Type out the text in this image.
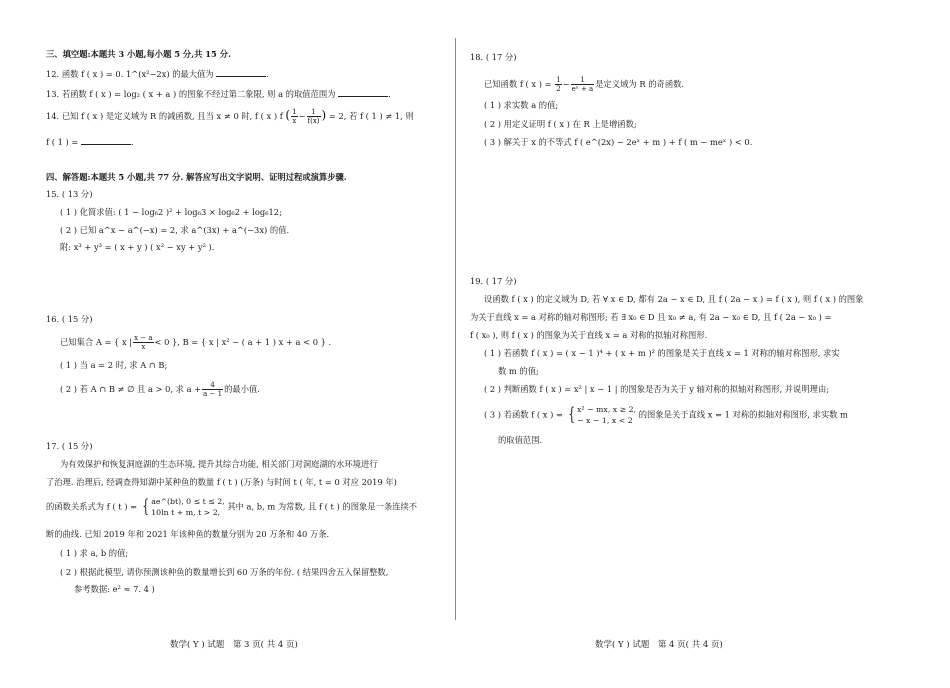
三、填空题:本题共 3 小题,每小题 5 分,共 15 分.
12. 函数 f ( x ) = 0. 1^(x²−2x) 的最大值为	.
13. 若函数 f ( x ) = log₂ ( x + a ) 的图象不经过第二象限, 则 a 的取值范围为	.
14. 已知 f ( x ) 是定义域为 R 的减函数, 且当 x ≠ 0 时, f ( x ) f ( $\frac{1}{x} - \frac{1}{f(x)}$ ) = 2, 若 f ( 1 ) ≠ 1, 则
f ( 1 ) =	.
四、解答题:本题共 5 小题,共 77 分. 解答应写出文字说明、证明过程或演算步骤.
15. ( 13 分)
( 1 ) 化简求值: ( 1 − log₆2 )² + log₆3 × log₆2 + log₆12;
( 2 ) 已知 a^x − a^(−x) = 2, 求 a^(3x) + a^(−3x) 的值.
附: x³ + y³ = ( x + y ) ( x² − xy + y² ).
16. ( 15 分)
已知集合 A = { x | $\frac{x - a}{x} < 0$ }, B = { x | x² − ( a + 1 ) x + a < 0 } .
( 1 ) 当 a = 2 时, 求 A ∩ B;
( 2 ) 若 A ∩ B ≠ ∅ 且 a > 0, 求 $a + \frac{4}{a - 1}$ 的最小值.
17. ( 15 分)
为有效保护和恢复洞庭湖的生态环境, 提升其综合功能, 相关部门对洞庭湖的水环境进行
了治理. 治理后, 经调查得知湖中某种鱼的数量 f ( t ) (万条) 与时间 t ( 年, t = 0 对应 2019 年)
的函数关系式为 f ( t ) = { ae^(bt), 0 ≤ t ≤ 2,
10ln t + m, t > 2,
其中 a, b, m 为常数, 且 f ( t ) 的图象是一条连续不
断的曲线. 已知 2019 年和 2021 年该种鱼的数量分别为 20 万条和 40 万条.
( 1 ) 求 a, b 的值;
( 2 ) 根据此模型, 请你预测该种鱼的数量增长到 60 万条的年份. ( 结果四舍五入保留整数,
参考数据: e² ≈ 7. 4 )
数学( Y ) 试题　第 3 页( 共 4 页)
18. ( 17 分)
已知函数 f ( x ) = $\frac{1}{2} - \frac{1}{\text{eˣ + a}}$ 是定义域为 R 的奇函数.
( 1 ) 求实数 a 的值;
( 2 ) 用定义证明 f ( x ) 在 R 上是增函数;
( 3 ) 解关于 x 的不等式 f ( e^(2x) − 2eˣ + m ) + f ( m − meˣ ) < 0.
19. ( 17 分)
设函数 f ( x ) 的定义域为 D, 若 ∀ x ∈ D, 都有 2a − x ∈ D, 且 f ( 2a − x ) = f ( x ), 则 f ( x ) 的图象
为关于直线 x = a 对称的轴对称图形; 若 ∃ x₀ ∈ D 且 x₀ ≠ a, 有 2a − x₀ ∈ D, 且 f ( 2a − x₀ ) =
f ( x₀ ), 则 f ( x ) 的图象为关于直线 x = a 对称的拟轴对称图形.
( 1 ) 若函数 f ( x ) = ( x − 1 )⁴ + ( x + m )² 的图象是关于直线 x = 1 对称的轴对称图形, 求实
数 m 的值;
( 2 ) 判断函数 f ( x ) = x² | x − 1 | 的图象是否为关于 y 轴对称的拟轴对称图形, 并说明理由;
( 3 ) 若函数 f ( x ) = { x² − mx, x ≥ 2,
− x − 1, x < 2
的图象是关于直线 x = 1 对称的拟轴对称图形, 求实数 m
的取值范围.
数学( Y ) 试题　第 4 页( 共 4 页)
